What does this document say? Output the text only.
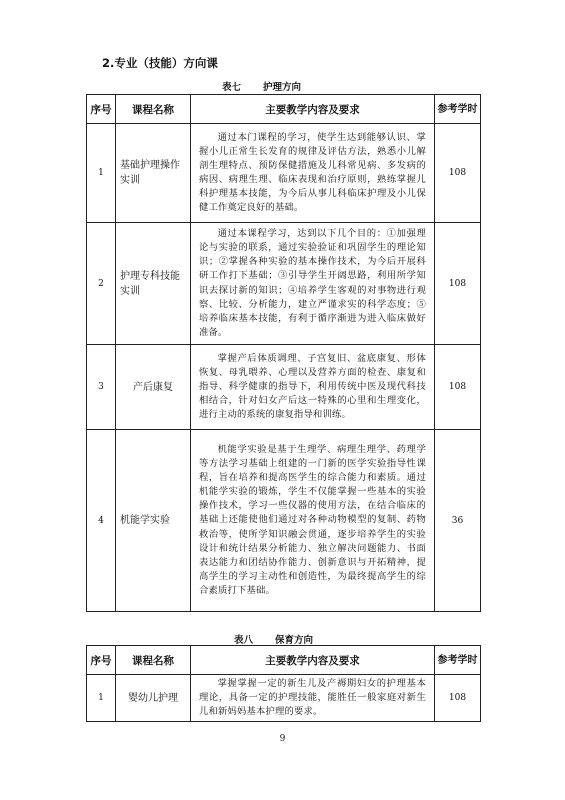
2.专业（技能）方向课
表七 护理方向
序号	课程名称	主要教学内容及要求	参考学时
1	基础护理操作实训	通过本门课程的学习，使学生达到能够认识、掌握小儿正常生长发育的规律及评估方法，熟悉小儿解剖生理特点、预防保健措施及儿科常见病、多发病的病因、病理生理、临床表现和治疗原则，熟练掌握儿科护理基本技能，为今后从事儿科临床护理及小儿保健工作奠定良好的基础。	108
2	护理专科技能实训	通过本课程学习，达到以下几个目的：①加强理论与实验的联系，通过实验验证和巩固学生的理论知识；②掌握各种实验的基本操作技术，为今后开展科研工作打下基础；③引导学生开阔思路，利用所学知识去探讨新的知识；④培养学生客观的对事物进行观察、比较、分析能力，建立严谨求实的科学态度；⑤培养临床基本技能，有利于循序渐进为进入临床做好准备。	108
3	产后康复	掌握产后体质调理、子宫复旧、盆底康复、形体恢复、母乳喂养、心理以及营养方面的检查、康复和指导、科学健康的指导下，利用传统中医及现代科技相结合，针对妇女产后这一特殊的心里和生理变化，进行主动的系统的康复指导和训练。	108
4	机能学实验	机能学实验是基于生理学、病理生理学、药理学等方法学习基础上组建的一门新的医学实验指导性课程，旨在培养和提高医学生的综合能力和素质。通过机能学实验的锻炼，学生不仅能掌握一些基本的实验操作技术，学习一些仪器的使用方法，在结合临床的基础上还能使他们通过对各种动物模型的复制、药物救治等，使所学知识融会贯通，逐步培养学生的实验设计和统计结果分析能力、独立解决问题能力、书面表达能力和团结协作能力、创新意识与开拓精神，提高学生的学习主动性和创造性，为最终提高学生的综合素质打下基础。	36
表八 保育方向
序号	课程名称	主要教学内容及要求	参考学时
1	婴幼儿护理	掌握掌握一定的新生儿及产褥期妇女的护理基本理论，具备一定的护理技能，能胜任一般家庭对新生儿和新妈妈基本护理的要求。	108
9
